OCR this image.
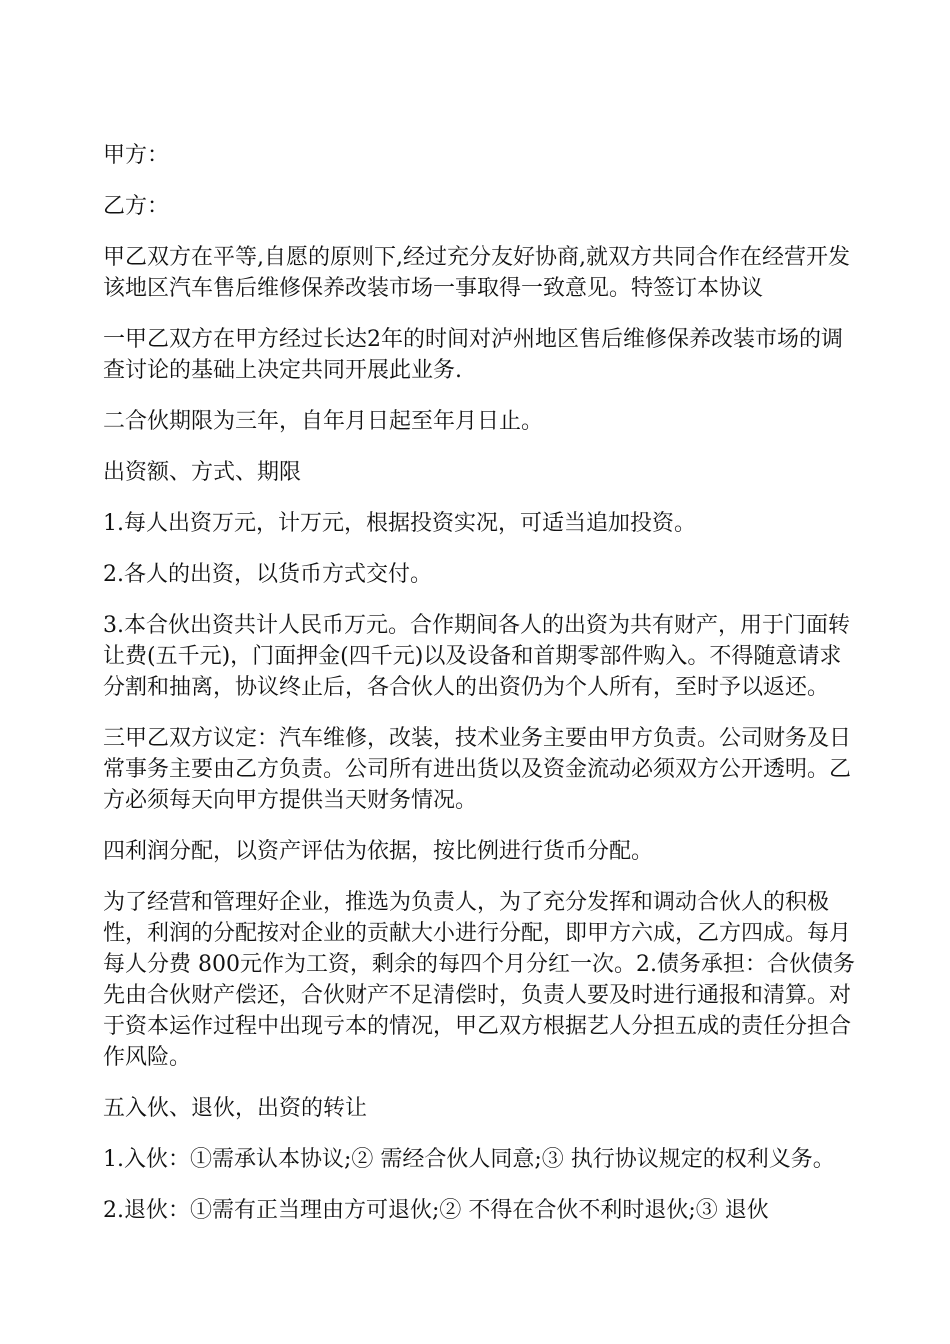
甲方：

乙方：

甲乙双方在平等,自愿的原则下,经过充分友好协商,就双方共同合作在经营开发该地区汽车售后维修保养改装市场一事取得一致意见。特签订本协议

一甲乙双方在甲方经过长达2年的时间对泸州地区售后维修保养改装市场的调查讨论的基础上决定共同开展此业务.

二合伙期限为三年，自年月日起至年月日止。

出资额、方式、期限

1.每人出资万元，计万元，根据投资实况，可适当追加投资。

2.各人的出资，以货币方式交付。

3.本合伙出资共计人民币万元。合作期间各人的出资为共有财产，用于门面转让费(五千元)，门面押金(四千元)以及设备和首期零部件购入。不得随意请求分割和抽离，协议终止后，各合伙人的出资仍为个人所有，至时予以返还。

三甲乙双方议定：汽车维修，改装，技术业务主要由甲方负责。公司财务及日常事务主要由乙方负责。公司所有进出货以及资金流动必须双方公开透明。乙方必须每天向甲方提供当天财务情况。

四利润分配，以资产评估为依据，按比例进行货币分配。

为了经营和管理好企业，推选为负责人，为了充分发挥和调动合伙人的积极性，利润的分配按对企业的贡献大小进行分配，即甲方六成，乙方四成。每月每人分费 800元作为工资，剩余的每四个月分红一次。2.债务承担：合伙债务先由合伙财产偿还，合伙财产不足清偿时，负责人要及时进行通报和清算。对于资本运作过程中出现亏本的情况，甲乙双方根据艺人分担五成的责任分担合作风险。

五入伙、退伙，出资的转让

1.入伙：①需承认本协议;② 需经合伙人同意;③ 执行协议规定的权利义务。

2.退伙：①需有正当理由方可退伙;② 不得在合伙不利时退伙;③ 退伙
